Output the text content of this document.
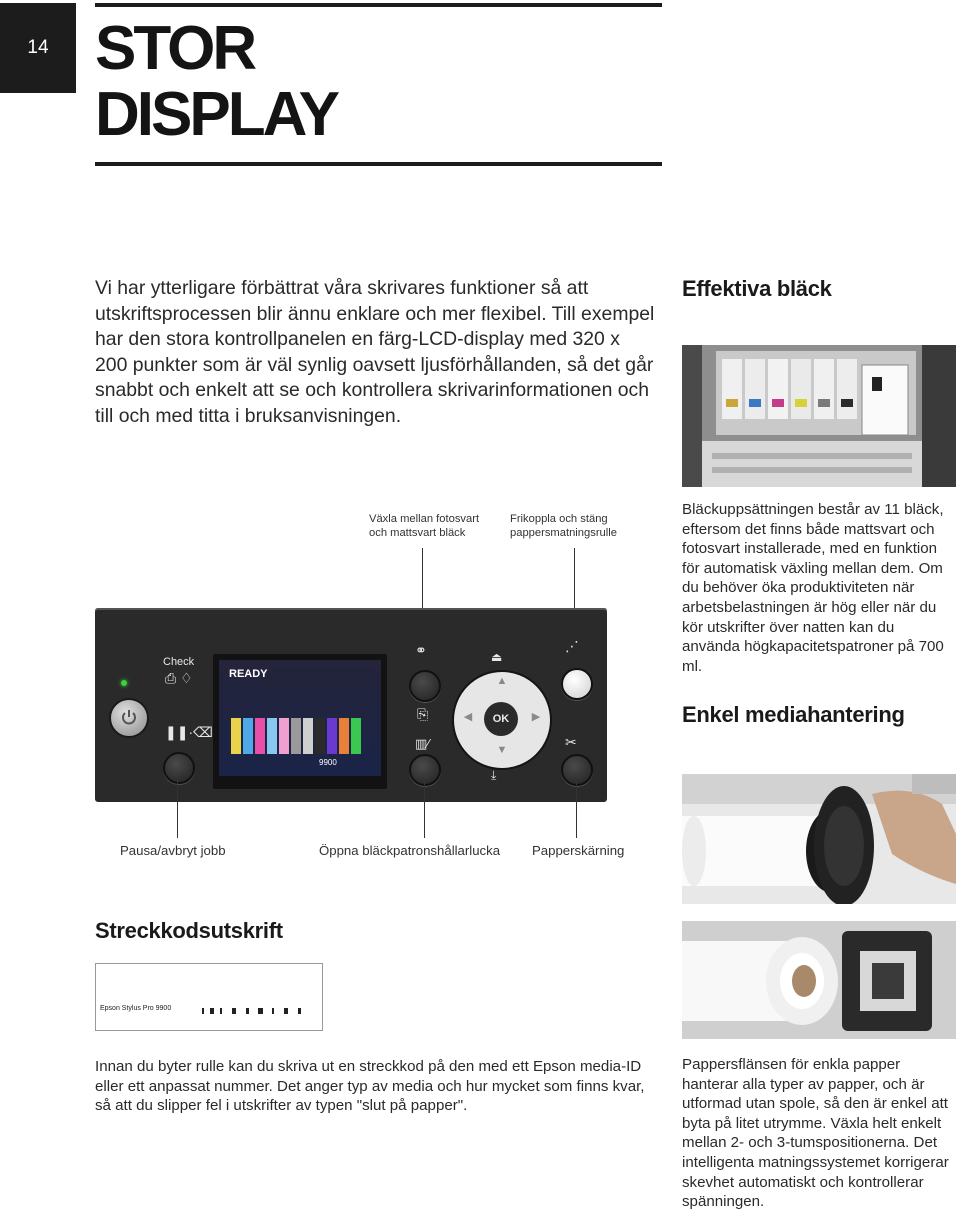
14 STOR
DISPLAY
Vi har ytterligare förbättrat våra skrivares funktioner så att utskriftsprocessen blir ännu enklare och mer flexibel. Till exempel har den stora kontrollpanelen en färg-LCD-display med 320 x 200 punkter som är väl synlig oavsett ljusförhållanden, så det går snabbt och enkelt att se och kontrollera skrivarinformationen och till och med titta i bruksanvisningen.
Effektiva bläck
Växla mellan fotosvart och mattsvart bläck
Frikoppla och stäng pappersmatningsrulle
Bläckuppsättningen består av 11 bläck, eftersom det finns både mattsvart och fotosvart installerade, med en funktion för automatisk växling mellan dem. Om du behöver öka produktiviteten när arbetsbelastningen är hög eller när du kör utskrifter över natten kan du använda högkapacitetspatroner på 700 ml.
Check
⎙ ♢
❚❚·⌫
READY
9900
⚭
⎘
▥⁄
⏏
▲
▼
◀	▶
OK
⤓
⋰
✂
Pausa/avbryt jobb	Öppna bläckpatronshållarlucka Papperskärning
Enkel mediahantering
Pappersflänsen för enkla papper hanterar alla typer av papper, och är utformad utan spole, så den är enkel att byta på litet utrymme. Växla helt enkelt mellan 2- och 3-tumspositionerna. Det intelligenta matningssystemet korrigerar skevhet automatiskt och kontrollerar spänningen.
Streckkodsutskrift
Epson Stylus Pro 9900
Innan du byter rulle kan du skriva ut en streckkod på den med ett Epson media-ID eller ett anpassat nummer. Det anger typ av media och hur mycket som finns kvar, så att du slipper fel i utskrifter av typen "slut på papper".
